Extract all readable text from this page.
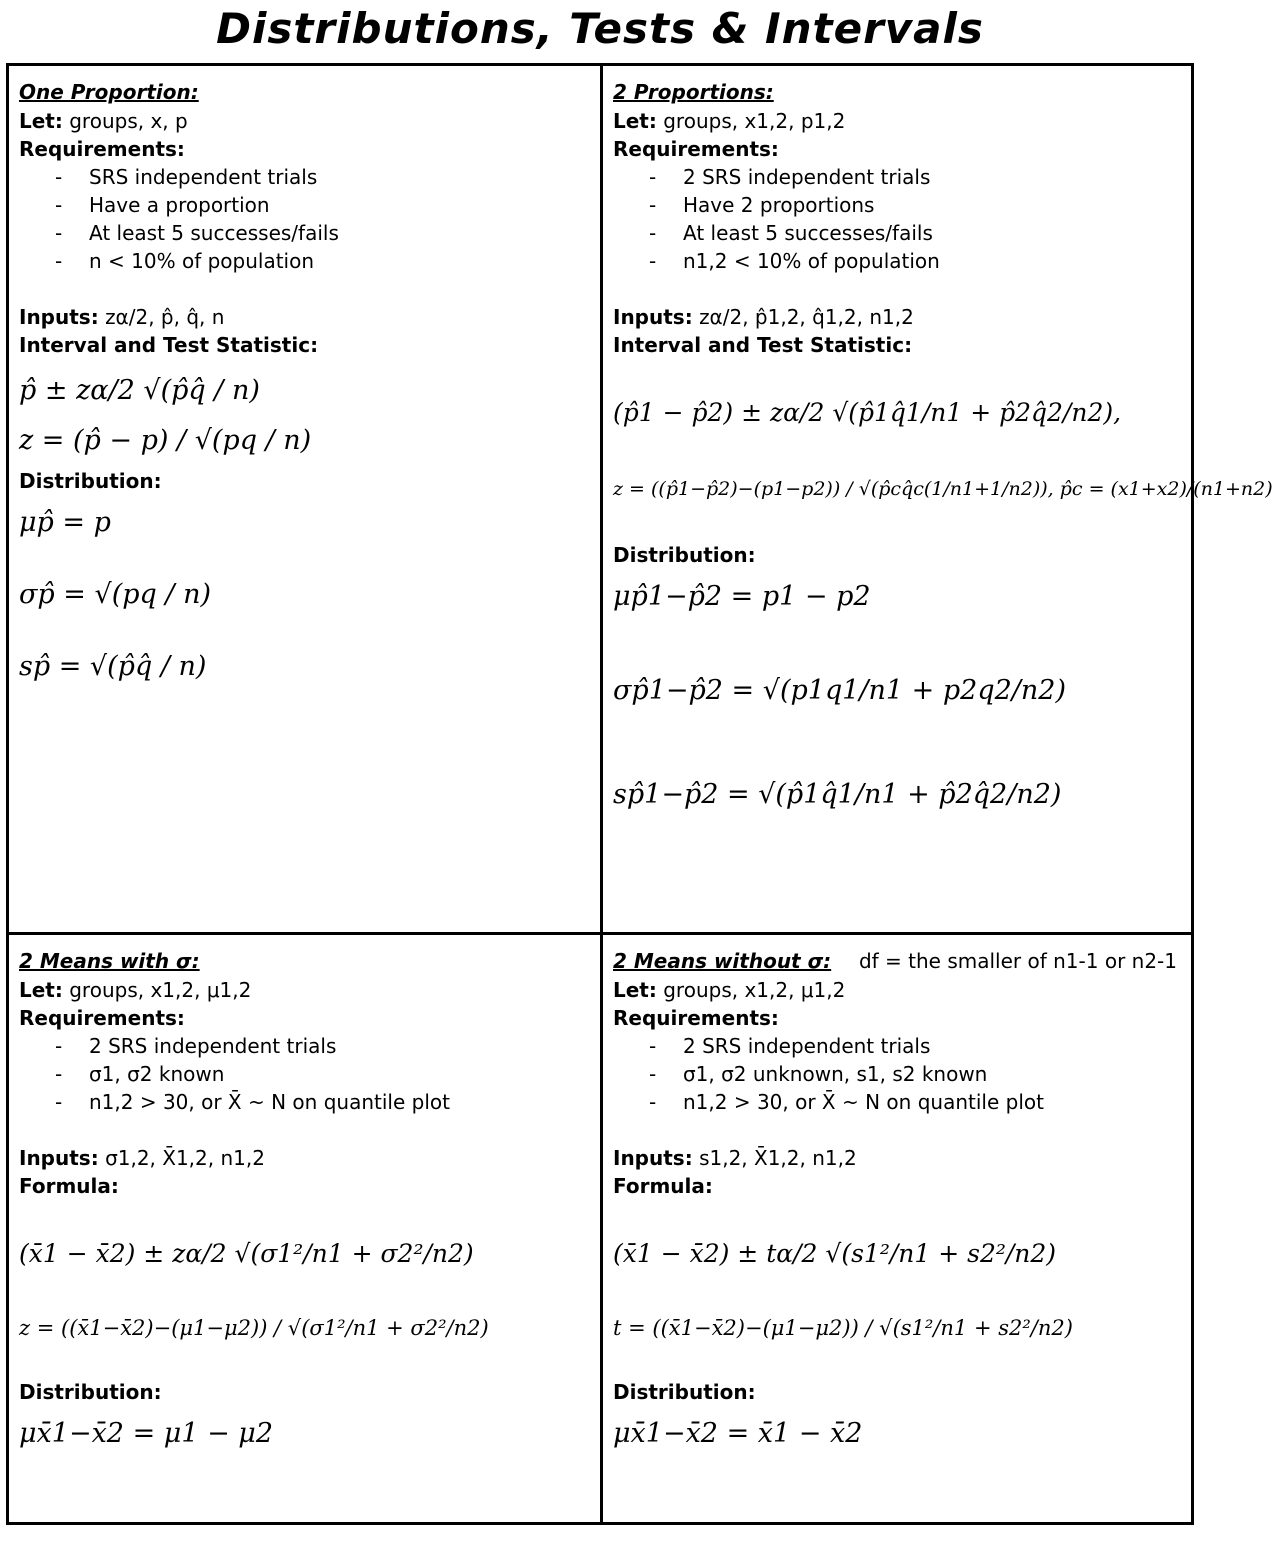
Distributions, Tests & Intervals
One Proportion:
Let: groups, x, p
Requirements:
- SRS independent trials
- Have a proportion
- At least 5 successes/fails
- n < 10% of population
Inputs: zα/2, p̂, q̂, n
Interval and Test Statistic:
p̂ ± zα/2 √(p̂q̂ / n)
z = (p̂ − p) / √(pq / n)
Distribution:
μp̂ = p
σp̂ = √(pq / n)
sp̂ = √(p̂q̂ / n)
2 Proportions:
Let: groups, x1,2, p1,2
Requirements:
- 2 SRS independent trials
- Have 2 proportions
- At least 5 successes/fails
- n1,2 < 10% of population
Inputs: zα/2, p̂1,2, q̂1,2, n1,2
Interval and Test Statistic:
(p̂1 − p̂2) ± zα/2 √(p̂1q̂1/n1 + p̂2q̂2/n2),
z = ((p̂1−p̂2)−(p1−p2)) / √(p̂cq̂c(1/n1+1/n2)), p̂c = (x1+x2)/(n1+n2)
Distribution:
μp̂1−p̂2 = p1 − p2
σp̂1−p̂2 = √(p1q1/n1 + p2q2/n2)
sp̂1−p̂2 = √(p̂1q̂1/n1 + p̂2q̂2/n2)
2 Means with σ:
Let: groups, x1,2, μ1,2
Requirements:
- 2 SRS independent trials
- σ1, σ2 known
- n1,2 > 30, or X̄ ~ N on quantile plot
Inputs: σ1,2, X̄1,2, n1,2
Formula:
(x̄1 − x̄2) ± zα/2 √(σ1²/n1 + σ2²/n2)
z = ((x̄1−x̄2)−(μ1−μ2)) / √(σ1²/n1 + σ2²/n2)
Distribution:
μx̄1−x̄2 = μ1 − μ2
df = the smaller of n1-1 or n2-1
2 Means without σ:
Let: groups, x1,2, μ1,2
Requirements:
- 2 SRS independent trials
- σ1, σ2 unknown, s1, s2 known
- n1,2 > 30, or X̄ ~ N on quantile plot
Inputs: s1,2, X̄1,2, n1,2
Formula:
(x̄1 − x̄2) ± tα/2 √(s1²/n1 + s2²/n2)
t = ((x̄1−x̄2)−(μ1−μ2)) / √(s1²/n1 + s2²/n2)
Distribution:
μx̄1−x̄2 = x̄1 − x̄2
